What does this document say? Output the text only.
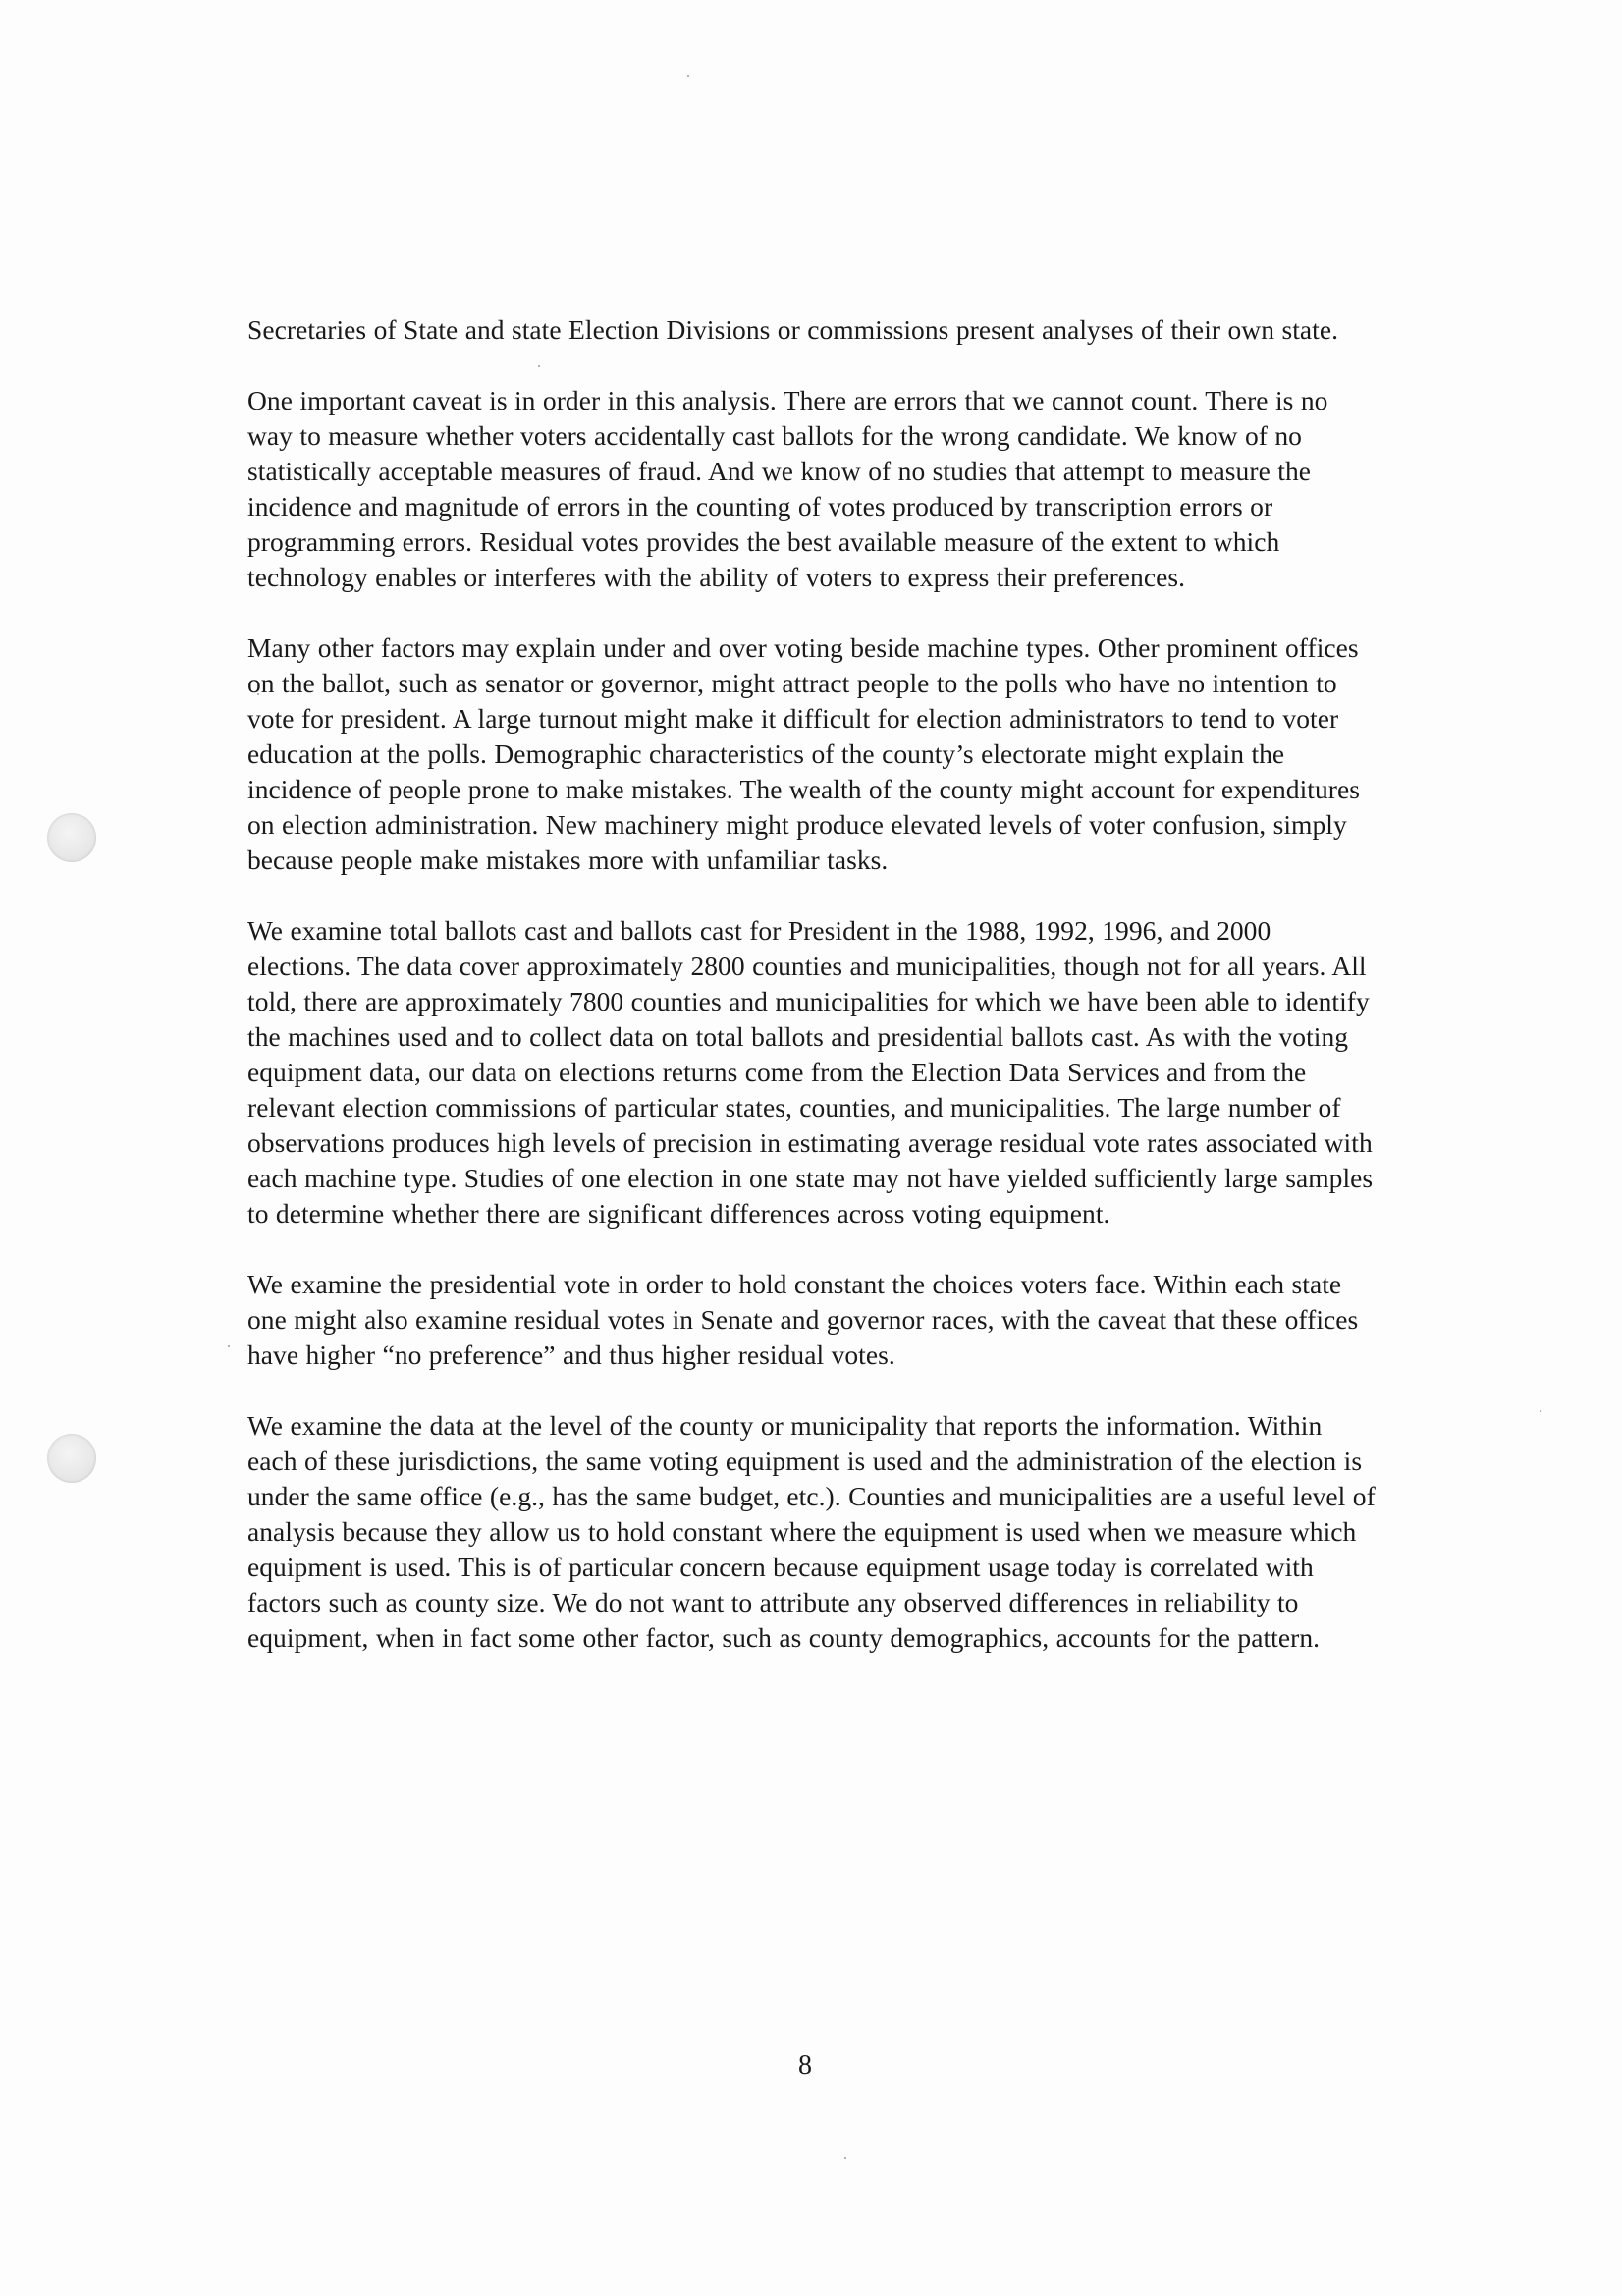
Secretaries of State and state Election Divisions or commissions present analyses of their own state.

One important caveat is in order in this analysis. There are errors that we cannot count. There is no way to measure whether voters accidentally cast ballots for the wrong candidate. We know of no statistically acceptable measures of fraud. And we know of no studies that attempt to measure the incidence and magnitude of errors in the counting of votes produced by transcription errors or programming errors. Residual votes provides the best available measure of the extent to which technology enables or interferes with the ability of voters to express their preferences.

Many other factors may explain under and over voting beside machine types. Other prominent offices on the ballot, such as senator or governor, might attract people to the polls who have no intention to vote for president. A large turnout might make it difficult for election administrators to tend to voter education at the polls. Demographic characteristics of the county’s electorate might explain the incidence of people prone to make mistakes. The wealth of the county might account for expenditures on election administration. New machinery might produce elevated levels of voter confusion, simply because people make mistakes more with unfamiliar tasks.

We examine total ballots cast and ballots cast for President in the 1988, 1992, 1996, and 2000 elections. The data cover approximately 2800 counties and municipalities, though not for all years. All told, there are approximately 7800 counties and municipalities for which we have been able to identify the machines used and to collect data on total ballots and presidential ballots cast. As with the voting equipment data, our data on elections returns come from the Election Data Services and from the relevant election commissions of particular states, counties, and municipalities. The large number of observations produces high levels of precision in estimating average residual vote rates associated with each machine type. Studies of one election in one state may not have yielded sufficiently large samples to determine whether there are significant differences across voting equipment.

We examine the presidential vote in order to hold constant the choices voters face. Within each state one might also examine residual votes in Senate and governor races, with the caveat that these offices have higher “no preference” and thus higher residual votes.

We examine the data at the level of the county or municipality that reports the information. Within each of these jurisdictions, the same voting equipment is used and the administration of the election is under the same office (e.g., has the same budget, etc.). Counties and municipalities are a useful level of analysis because they allow us to hold constant where the equipment is used when we measure which equipment is used. This is of particular concern because equipment usage today is correlated with factors such as county size. We do not want to attribute any observed differences in reliability to equipment, when in fact some other factor, such as county demographics, accounts for the pattern.

8
